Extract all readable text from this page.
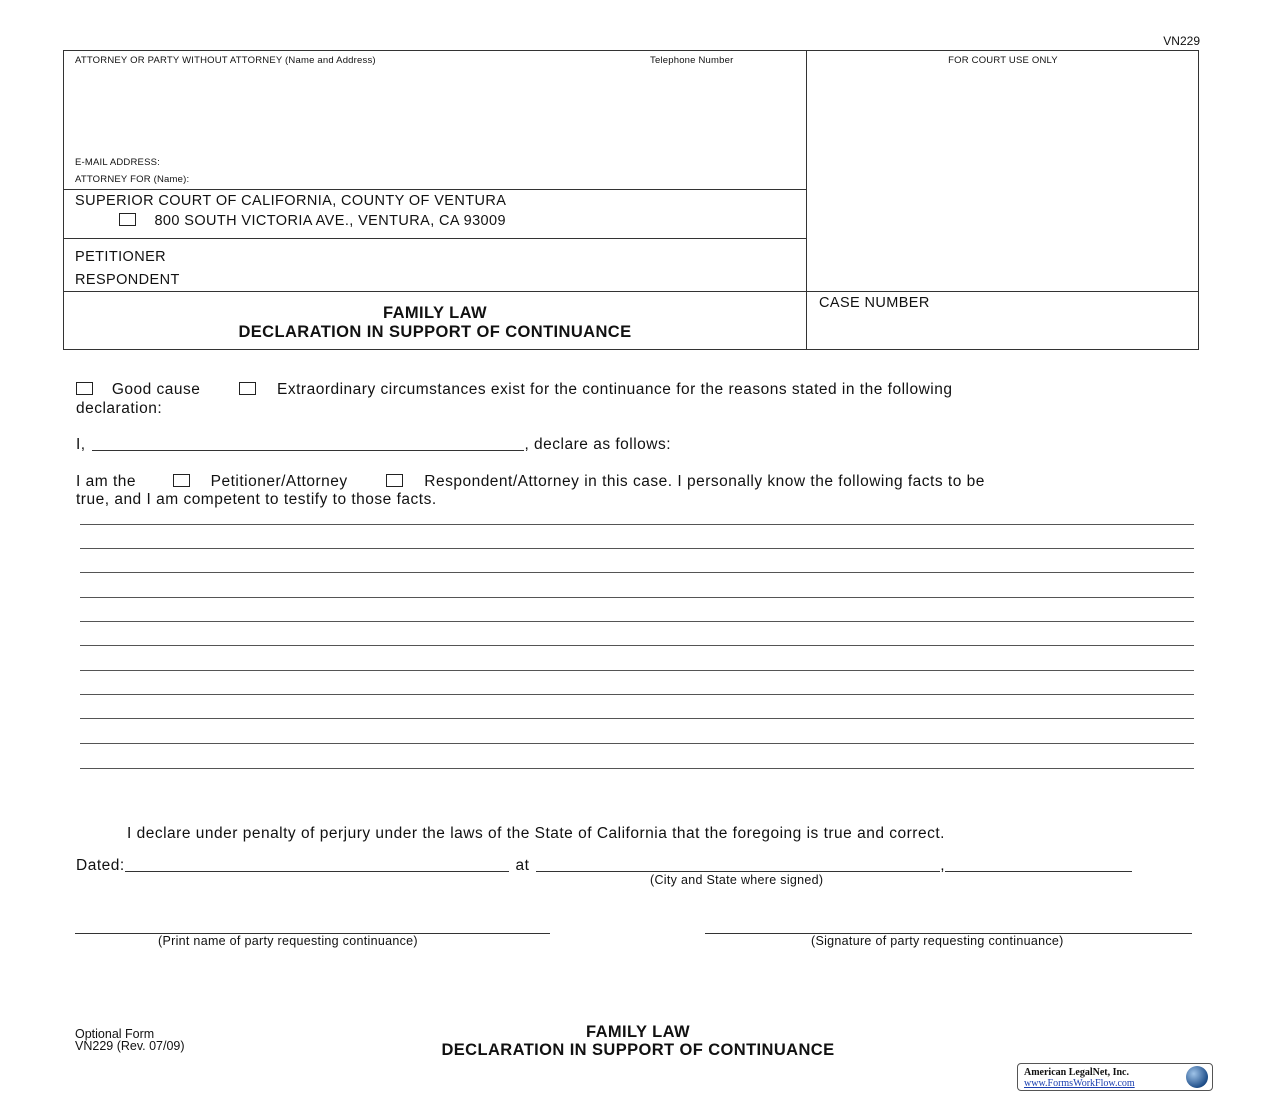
VN229
ATTORNEY OR PARTY WITHOUT ATTORNEY (Name and Address)	Telephone Number	FOR COURT USE ONLY
E-MAIL ADDRESS:
ATTORNEY FOR (Name):
SUPERIOR COURT OF CALIFORNIA, COUNTY OF VENTURA
800 SOUTH VICTORIA AVE., VENTURA, CA 93009
PETITIONER
RESPONDENT
FAMILY LAW
DECLARATION IN SUPPORT OF CONTINUANCE
CASE NUMBER
Good cause	Extraordinary circumstances exist for the continuance for the reasons stated in the following
declaration:
I,	, declare as follows:
I am the	Petitioner/Attorney	Respondent/Attorney in this case. I personally know the following facts to be
true, and I am competent to testify to those facts.
I declare under penalty of perjury under the laws of the State of California that the foregoing is true and correct.
Dated:	at	,
(City and State where signed)
(Print name of party requesting continuance)	(Signature of party requesting continuance)
Optional Form
VN229 (Rev. 07/09)
FAMILY LAW
DECLARATION IN SUPPORT OF CONTINUANCE
American LegalNet, Inc.
www.FormsWorkFlow.com
